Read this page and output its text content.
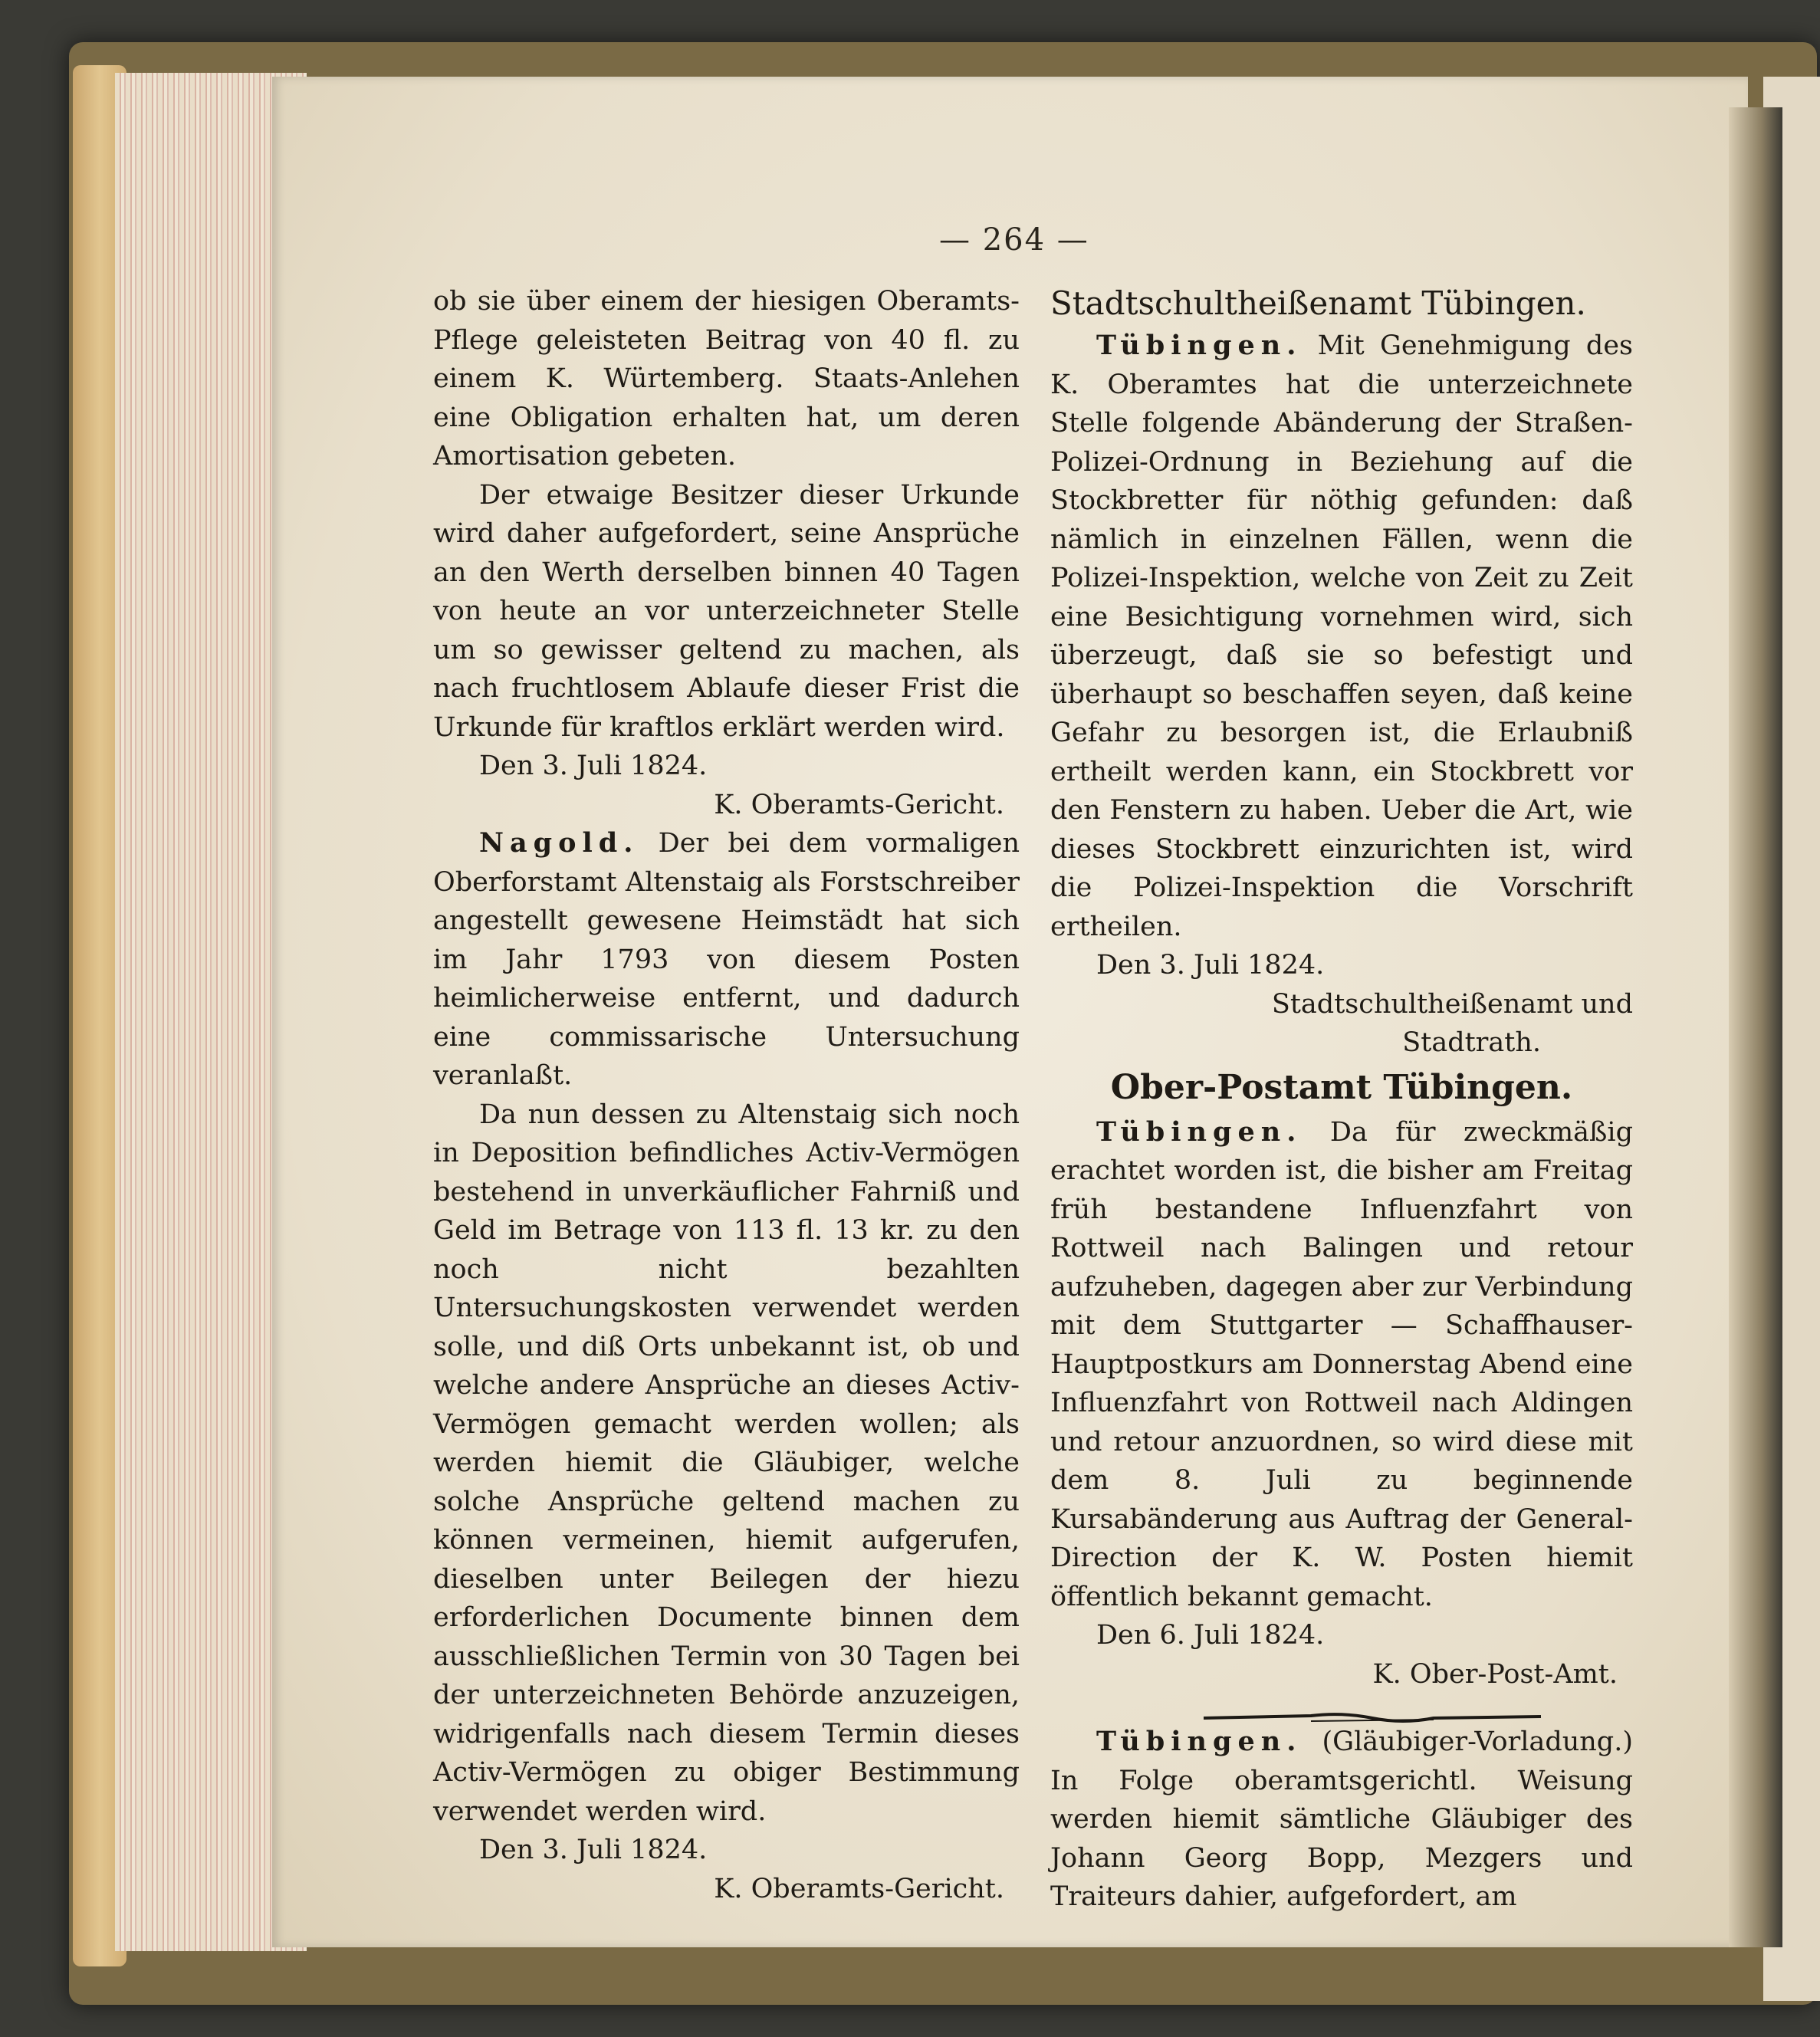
— 264 —

ob sie über einem der hiesigen Oberamts-Pflege geleisteten Beitrag von 40 fl. zu einem K. Würtemberg. Staats-Anlehen eine Obligation erhalten hat, um deren Amortisation gebeten.

Der etwaige Besitzer dieser Urkunde wird daher aufgefordert, seine Ansprüche an den Werth derselben binnen 40 Tagen von heute an vor unterzeichneter Stelle um so gewisser geltend zu machen, als nach fruchtlosem Ablaufe dieser Frist die Urkunde für kraftlos erklärt werden wird.

Den 3. Juli 1824.

K. Oberamts-Gericht.

Nagold. Der bei dem vormaligen Oberforstamt Altenstaig als Forstschreiber angestellt gewesene Heimstädt hat sich im Jahr 1793 von diesem Posten heimlicherweise entfernt, und dadurch eine commissarische Untersuchung veranlaßt.

Da nun dessen zu Altenstaig sich noch in Deposition befindliches Activ-Vermögen bestehend in unverkäuflicher Fahrniß und Geld im Betrage von 113 fl. 13 kr. zu den noch nicht bezahlten Untersuchungskosten verwendet werden solle, und diß Orts unbekannt ist, ob und welche andere Ansprüche an dieses Activ-Vermögen gemacht werden wollen; als werden hiemit die Gläubiger, welche solche Ansprüche geltend machen zu können vermeinen, hiemit aufgerufen, dieselben unter Beilegen der hiezu erforderlichen Documente binnen dem ausschließlichen Termin von 30 Tagen bei der unterzeichneten Behörde anzuzeigen, widrigenfalls nach diesem Termin dieses Activ-Vermögen zu obiger Bestimmung verwendet werden wird.

Den 3. Juli 1824.

K. Oberamts-Gericht.

Stadtschultheißenamt Tübingen.

Tübingen. Mit Genehmigung des K. Oberamtes hat die unterzeichnete Stelle folgende Abänderung der Straßen-Polizei-Ordnung in Beziehung auf die Stockbretter für nöthig gefunden: daß nämlich in einzelnen Fällen, wenn die Polizei-Inspektion, welche von Zeit zu Zeit eine Besichtigung vornehmen wird, sich überzeugt, daß sie so befestigt und überhaupt so beschaffen seyen, daß keine Gefahr zu besorgen ist, die Erlaubniß ertheilt werden kann, ein Stockbrett vor den Fenstern zu haben. Ueber die Art, wie dieses Stockbrett einzurichten ist, wird die Polizei-Inspektion die Vorschrift ertheilen.

Den 3. Juli 1824.

Stadtschultheißenamt und

Stadtrath.

Ober-Postamt Tübingen.

Tübingen. Da für zweckmäßig erachtet worden ist, die bisher am Freitag früh bestandene Influenzfahrt von Rottweil nach Balingen und retour aufzuheben, dagegen aber zur Verbindung mit dem Stuttgarter — Schaffhauser-Hauptpostkurs am Donnerstag Abend eine Influenzfahrt von Rottweil nach Aldingen und retour anzuordnen, so wird diese mit dem 8. Juli zu beginnende Kursabänderung aus Auftrag der General-Direction der K. W. Posten hiemit öffentlich bekannt gemacht.

Den 6. Juli 1824.

K. Ober-Post-Amt.

Tübingen. (Gläubiger-Vorladung.) In Folge oberamtsgerichtl. Weisung werden hiemit sämtliche Gläubiger des Johann Georg Bopp, Mezgers und Traiteurs dahier, aufgefordert, am
